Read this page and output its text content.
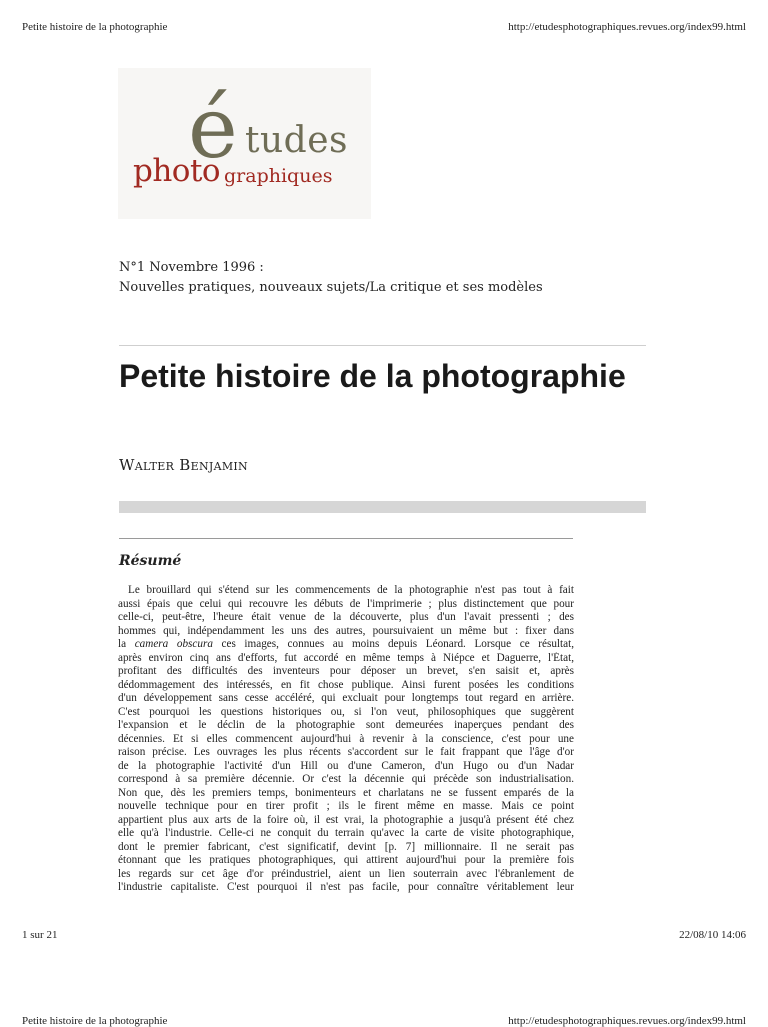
Petite histoire de la photographie	http://etudesphotographiques.revues.org/index99.html
é tudes
photo graphiques
N°1 Novembre 1996 :
Nouvelles pratiques, nouveaux sujets/La critique et ses modèles
Petite histoire de la photographie
Walter Benjamin
Résumé
Le brouillard qui s'étend sur les commencements de la photographie n'est pas tout à fait
aussi épais que celui qui recouvre les débuts de l'imprimerie ; plus distinctement que pour
celle-ci, peut-être, l'heure était venue de la découverte, plus d'un l'avait pressenti ; des
hommes qui, indépendamment les uns des autres, poursuivaient un même but : fixer dans
la camera obscura ces images, connues au moins depuis Léonard. Lorsque ce résultat,
après environ cinq ans d'efforts, fut accordé en même temps à Niépce et Daguerre, l'État,
profitant des difficultés des inventeurs pour déposer un brevet, s'en saisit et, après
dédommagement des intéressés, en fit chose publique. Ainsi furent posées les conditions
d'un développement sans cesse accéléré, qui excluait pour longtemps tout regard en arrière.
C'est pourquoi les questions historiques ou, si l'on veut, philosophiques que suggèrent
l'expansion et le déclin de la photographie sont demeurées inaperçues pendant des
décennies. Et si elles commencent aujourd'hui à revenir à la conscience, c'est pour une
raison précise. Les ouvrages les plus récents s'accordent sur le fait frappant que l'âge d'or
de la photographie l'activité d'un Hill ou d'une Cameron, d'un Hugo ou d'un Nadar
correspond à sa première décennie. Or c'est la décennie qui précède son industrialisation.
Non que, dès les premiers temps, bonimenteurs et charlatans ne se fussent emparés de la
nouvelle technique pour en tirer profit ; ils le firent même en masse. Mais ce point
appartient plus aux arts de la foire où, il est vrai, la photographie a jusqu'à présent été chez
elle qu'à l'industrie. Celle-ci ne conquit du terrain qu'avec la carte de visite photographique,
dont le premier fabricant, c'est significatif, devint [p. 7] millionnaire. Il ne serait pas
étonnant que les pratiques photographiques, qui attirent aujourd'hui pour la première fois
les regards sur cet âge d'or préindustriel, aient un lien souterrain avec l'ébranlement de
l'industrie capitaliste. C'est pourquoi il n'est pas facile, pour connaître véritablement leur
1 sur 21	22/08/10 14:06
Petite histoire de la photographie	http://etudesphotographiques.revues.org/index99.html
